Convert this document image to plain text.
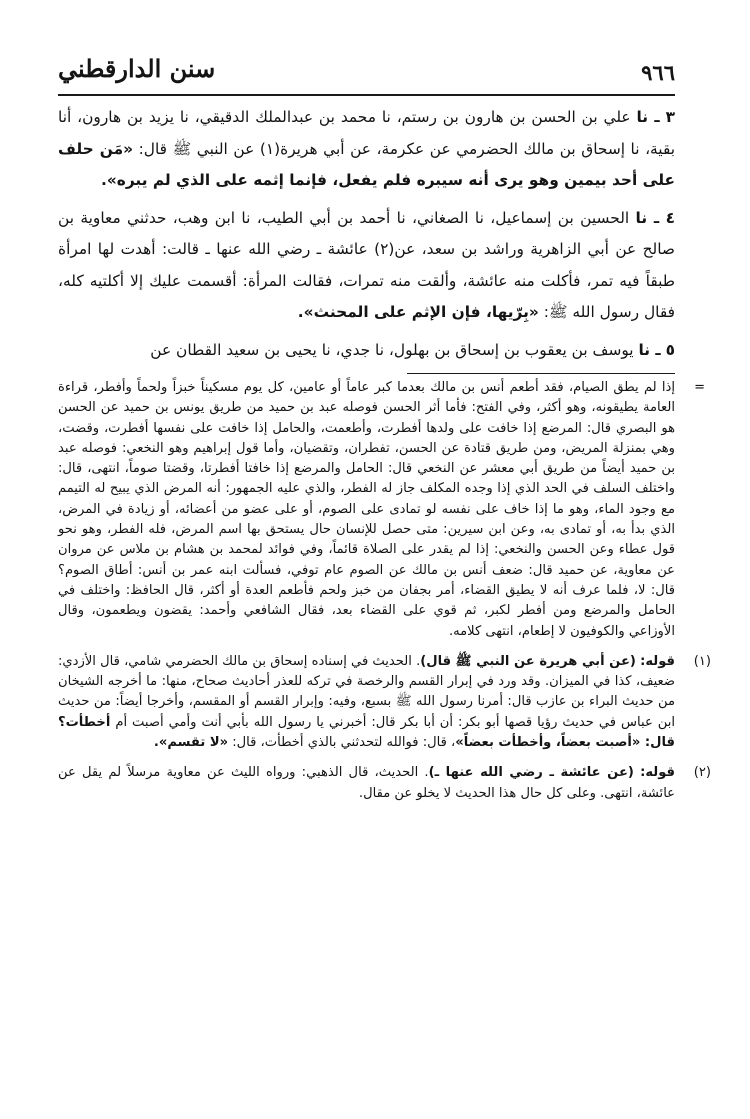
٩٦٦
سنن الدارقطني

٣ ـ نا علي بن الحسن بن هارون بن رستم، نا محمد بن عبدالملك الدقيقي، نا يزيد بن هارون، أنا بقية، نا إسحاق بن مالك الحضرمي عن عكرمة، عن أبي هريرة(١) عن النبي ﷺ قال: «مَن حلف على أحد بيمين وهو يرى أنه سيبره فلم يفعل، فإنما إثمه على الذي لم يبره».

٤ ـ نا الحسين بن إسماعيل، نا الصغاني، نا أحمد بن أبي الطيب، نا ابن وهب، حدثني معاوية بن صالح عن أبي الزاهرية وراشد بن سعد، عن(٢) عائشة ـ رضي الله عنها ـ قالت: أهدت لها امرأة طبقاً فيه تمر، فأكلت منه عائشة، وألقت منه تمرات، فقالت المرأة: أقسمت عليك إلا أكلتيه كله، فقال رسول الله ﷺ: «بِرّيها، فإن الإثم على المحنث».

٥ ـ نا يوسف بن يعقوب بن إسحاق بن بهلول، نا جدي، نا يحيى بن سعيد القطان عن

=
إذا لم يطق الصيام، فقد أطعم أنس بن مالك بعدما كبر عاماً أو عامين، كل يوم مسكيناً خبزاً ولحماً وأفطر، قراءة العامة يطيقونه، وهو أكثر، وفي الفتح: فأما أثر الحسن فوصله عبد بن حميد من طريق يونس بن حميد عن الحسن هو البصري قال: المرضع إذا خافت على ولدها أفطرت، وأطعمت، والحامل إذا خافت على نفسها أفطرت، وقضت، وهي بمنزلة المريض، ومن طريق قتادة عن الحسن، تفطران، وتقضيان، وأما قول إبراهيم وهو النخعي: فوصله عبد بن حميد أيضاً من طريق أبي معشر عن النخعي قال: الحامل والمرضع إذا خافتا أفطرتا، وقضتا صوماً، انتهى، قال: واختلف السلف في الحد الذي إذا وجده المكلف جاز له الفطر، والذي عليه الجمهور: أنه المرض الذي يبيح له التيمم مع وجود الماء، وهو ما إذا خاف على نفسه لو تمادى على الصوم، أو على عضو من أعضائه، أو زيادة في المرض، الذي بدأ به، أو تمادى به، وعن ابن سيرين: متى حصل للإنسان حال يستحق بها اسم المرض، فله الفطر، وهو نحو قول عطاء وعن الحسن والنخعي: إذا لم يقدر على الصلاة قائماً، وفي فوائد لمحمد بن هشام بن ملاس عن مروان عن معاوية، عن حميد قال: ضعف أنس بن مالك عن الصوم عام توفي، فسألت ابنه عمر بن أنس: أطاق الصوم؟ قال: لا، فلما عرف أنه لا يطيق القضاء، أمر بجفان من خبز ولحم فأطعم العدة أو أكثر، قال الحافظ: واختلف في الحامل والمرضع ومن أفطر لكبر، ثم قوي على القضاء بعد، فقال الشافعي وأحمد: يقضون ويطعمون، وقال الأوزاعي والكوفيون لا إطعام، انتهى كلامه.

(١)
قوله: (عن أبي هريرة عن النبي ﷺ قال). الحديث في إسناده إسحاق بن مالك الحضرمي شامي، قال الأزدي: ضعيف، كذا في الميزان. وقد ورد في إبرار القسم والرخصة في تركه للعذر أحاديث صحاح، منها: ما أخرجه الشيخان من حديث البراء بن عازب قال: أمرنا رسول الله ﷺ بسبع، وفيه: وإبرار القسم أو المقسم، وأخرجا أيضاً: من حديث ابن عباس في حديث رؤيا قصها أبو بكر: أن أبا بكر قال: أخبرني يا رسول الله بأبي أنت وأمي أصبت أم أخطأت؟ قال: «أصبت بعضاً، وأخطأت بعضاً»، قال: فوالله لتحدثني بالذي أخطأت، قال: «لا تقسم».

(٢)
قوله: (عن عائشة ـ رضي الله عنها ـ). الحديث، قال الذهبي: ورواه الليث عن معاوية مرسلاً لم يقل عن عائشة، انتهى. وعلى كل حال هذا الحديث لا يخلو عن مقال.
